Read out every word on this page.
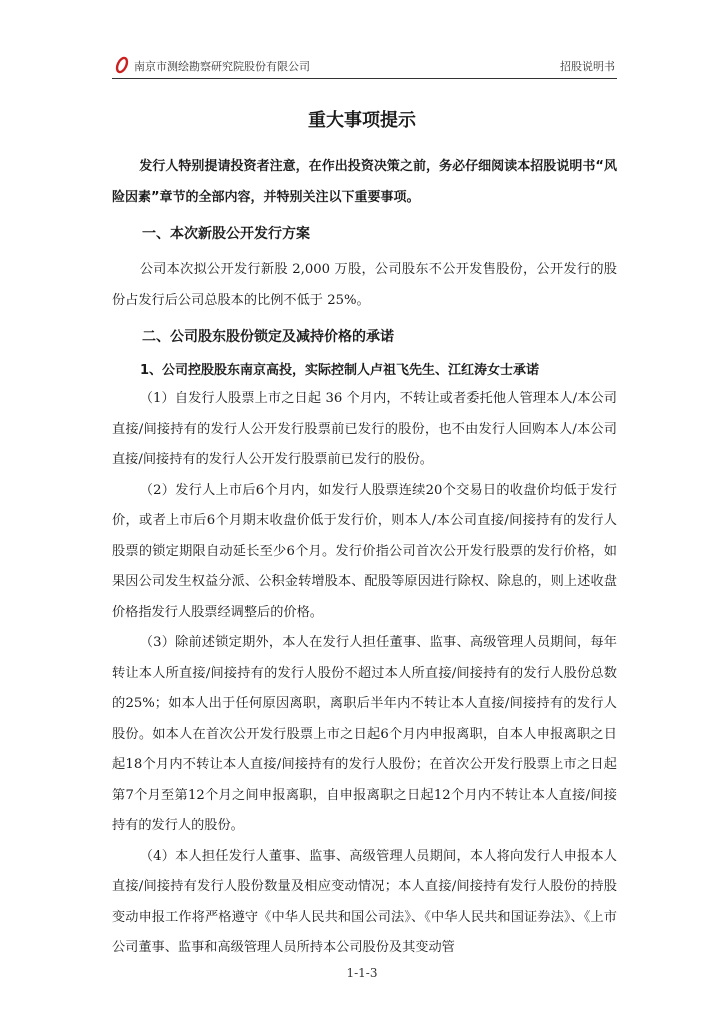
南京市测绘勘察研究院股份有限公司	招股说明书
重大事项提示

发行人特别提请投资者注意，在作出投资决策之前，务必仔细阅读本招股说明书“风险因素”章节的全部内容，并特别关注以下重要事项。

一、本次新股公开发行方案

公司本次拟公开发行新股 2,000 万股，公司股东不公开发售股份，公开发行的股份占发行后公司总股本的比例不低于 25%。

二、公司股东股份锁定及减持价格的承诺

1、公司控股股东南京高投，实际控制人卢祖飞先生、江红涛女士承诺

（1）自发行人股票上市之日起 36 个月内，不转让或者委托他人管理本人/本公司直接/间接持有的发行人公开发行股票前已发行的股份，也不由发行人回购本人/本公司直接/间接持有的发行人公开发行股票前已发行的股份。

（2）发行人上市后6个月内，如发行人股票连续20个交易日的收盘价均低于发行价，或者上市后6个月期末收盘价低于发行价，则本人/本公司直接/间接持有的发行人股票的锁定期限自动延长至少6个月。发行价指公司首次公开发行股票的发行价格，如果因公司发生权益分派、公积金转增股本、配股等原因进行除权、除息的，则上述收盘价格指发行人股票经调整后的价格。

（3）除前述锁定期外，本人在发行人担任董事、监事、高级管理人员期间，每年转让本人所直接/间接持有的发行人股份不超过本人所直接/间接持有的发行人股份总数的25%；如本人出于任何原因离职，离职后半年内不转让本人直接/间接持有的发行人股份。如本人在首次公开发行股票上市之日起6个月内申报离职，自本人申报离职之日起18个月内不转让本人直接/间接持有的发行人股份；在首次公开发行股票上市之日起第7个月至第12个月之间申报离职，自申报离职之日起12个月内不转让本人直接/间接持有的发行人的股份。

（4）本人担任发行人董事、监事、高级管理人员期间，本人将向发行人申报本人直接/间接持有发行人股份数量及相应变动情况；本人直接/间接持有发行人股份的持股变动申报工作将严格遵守《中华人民共和国公司法》、《中华人民共和国证券法》、《上市公司董事、监事和高级管理人员所持本公司股份及其变动管

1-1-3
